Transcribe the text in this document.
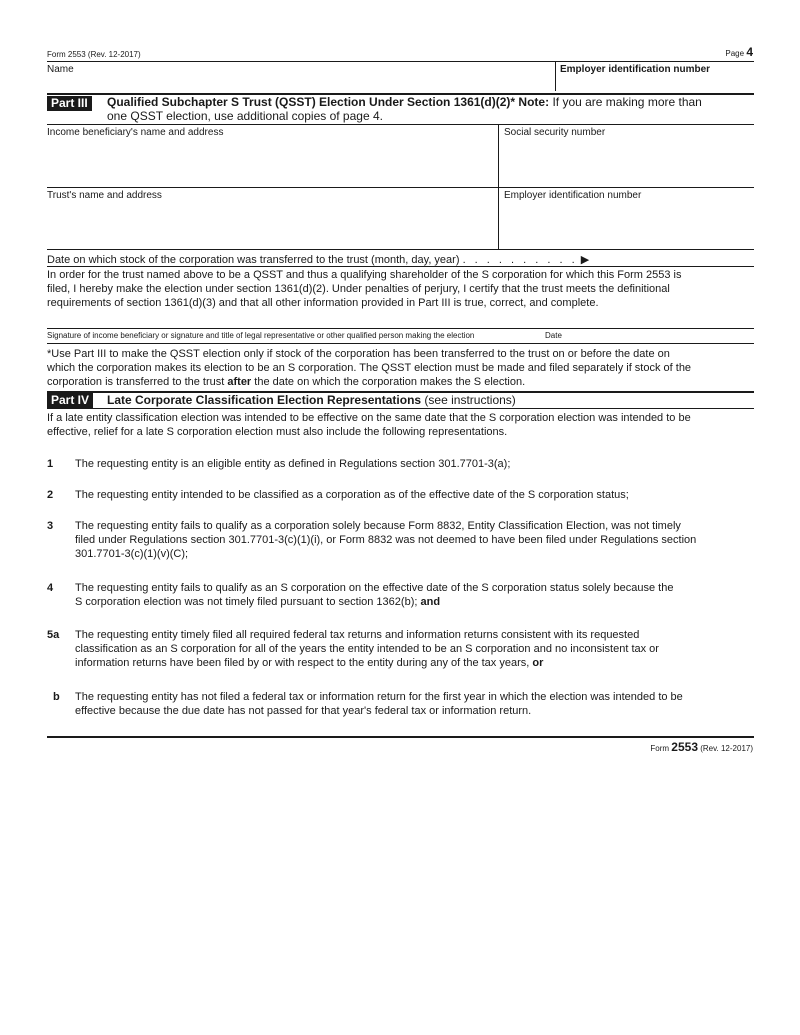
Form 2553 (Rev. 12-2017)	Page 4
Name	Employer identification number
Part III	Qualified Subchapter S Trust (QSST) Election Under Section 1361(d)(2)* Note: If you are making more than
one QSST election, use additional copies of page 4.
Income beneficiary's name and address	Social security number
Trust's name and address	Employer identification number
Date on which stock of the corporation was transferred to the trust (month, day, year) . . . . . . . . . . ▶
In order for the trust named above to be a QSST and thus a qualifying shareholder of the S corporation for which this Form 2553 is
filed, I hereby make the election under section 1361(d)(2). Under penalties of perjury, I certify that the trust meets the definitional
requirements of section 1361(d)(3) and that all other information provided in Part III is true, correct, and complete.
Signature of income beneficiary or signature and title of legal representative or other qualified person making the election	Date
*Use Part III to make the QSST election only if stock of the corporation has been transferred to the trust on or before the date on
which the corporation makes its election to be an S corporation. The QSST election must be made and filed separately if stock of the
corporation is transferred to the trust after the date on which the corporation makes the S election.
Part IV	Late Corporate Classification Election Representations (see instructions)
If a late entity classification election was intended to be effective on the same date that the S corporation election was intended to be
effective, relief for a late S corporation election must also include the following representations.
1	The requesting entity is an eligible entity as defined in Regulations section 301.7701-3(a);
2	The requesting entity intended to be classified as a corporation as of the effective date of the S corporation status;
3	The requesting entity fails to qualify as a corporation solely because Form 8832, Entity Classification Election, was not timely
filed under Regulations section 301.7701-3(c)(1)(i), or Form 8832 was not deemed to have been filed under Regulations section
301.7701-3(c)(1)(v)(C);
4	The requesting entity fails to qualify as an S corporation on the effective date of the S corporation status solely because the
S corporation election was not timely filed pursuant to section 1362(b); and
5a	The requesting entity timely filed all required federal tax returns and information returns consistent with its requested
classification as an S corporation for all of the years the entity intended to be an S corporation and no inconsistent tax or
information returns have been filed by or with respect to the entity during any of the tax years, or
b	The requesting entity has not filed a federal tax or information return for the first year in which the election was intended to be
effective because the due date has not passed for that year's federal tax or information return.
Form 2553 (Rev. 12-2017)
